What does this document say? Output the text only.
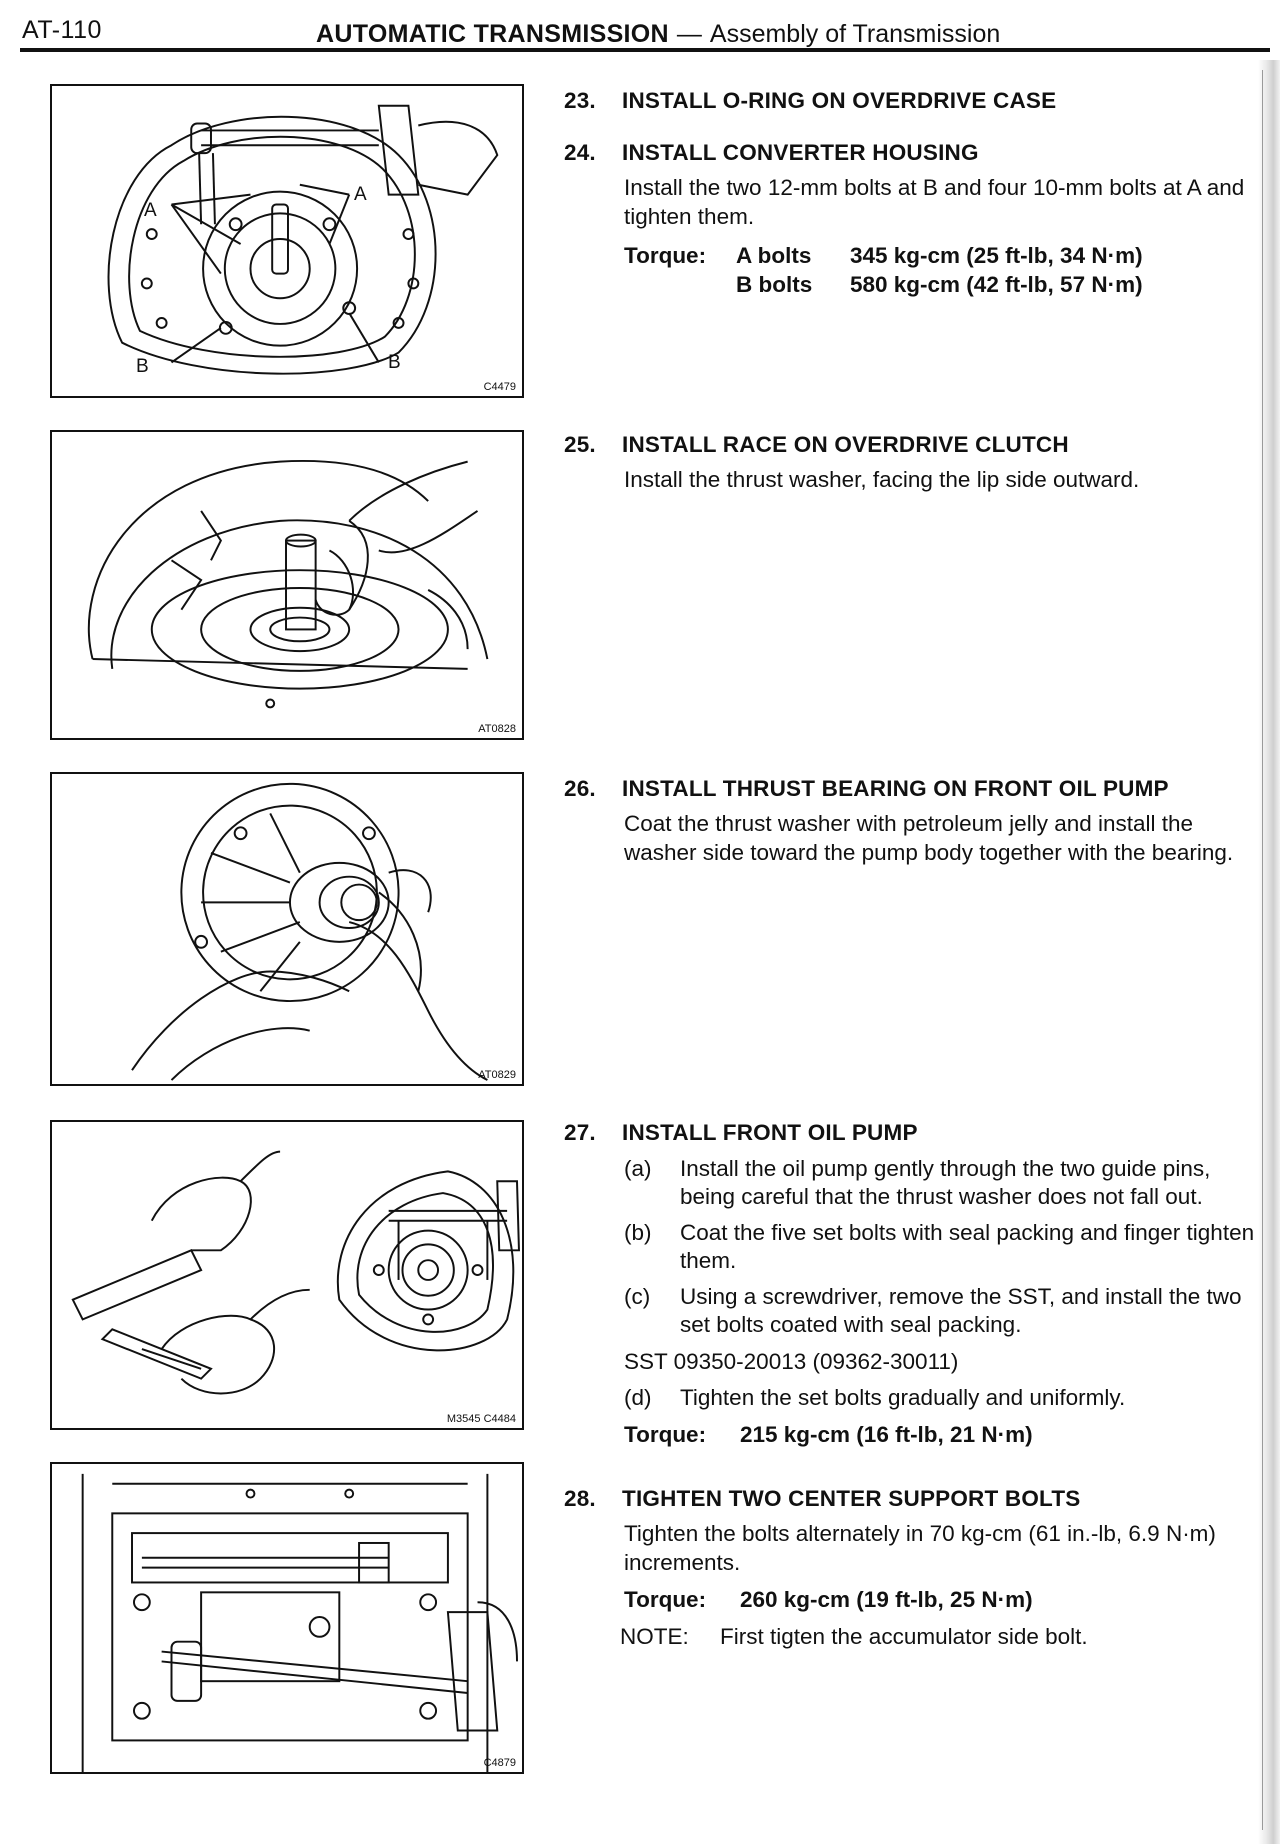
AT-110	AUTOMATIC TRANSMISSION — Assembly of Transmission
A
A
B	B
C4479
AT0828
AT0829
M3545 C4484
C4879
23. INSTALL O-RING ON OVERDRIVE CASE
24. INSTALL CONVERTER HOUSING
Install the two 12-mm bolts at B and four 10-mm bolts at A and tighten them.
Torque:	A bolts	345 kg-cm (25 ft-lb, 34 N·m)
B bolts	580 kg-cm (42 ft-lb, 57 N·m)
25. INSTALL RACE ON OVERDRIVE CLUTCH
Install the thrust washer, facing the lip side outward.
26. INSTALL THRUST BEARING ON FRONT OIL PUMP
Coat the thrust washer with petroleum jelly and install the washer side toward the pump body together with the bearing.
27. INSTALL FRONT OIL PUMP
(a)	Install the oil pump gently through the two guide pins, being careful that the thrust washer does not fall out.
(b)	Coat the five set bolts with seal packing and finger tighten them.
(c)	Using a screwdriver, remove the SST, and install the two set bolts coated with seal packing.
SST 09350-20013 (09362-30011)
(d)	Tighten the set bolts gradually and uniformly.
Torque: 215 kg-cm (16 ft-lb, 21 N·m)
28. TIGHTEN TWO CENTER SUPPORT BOLTS
Tighten the bolts alternately in 70 kg-cm (61 in.-lb, 6.9 N·m) increments.
Torque: 260 kg-cm (19 ft-lb, 25 N·m)
NOTE:	First tigten the accumulator side bolt.
